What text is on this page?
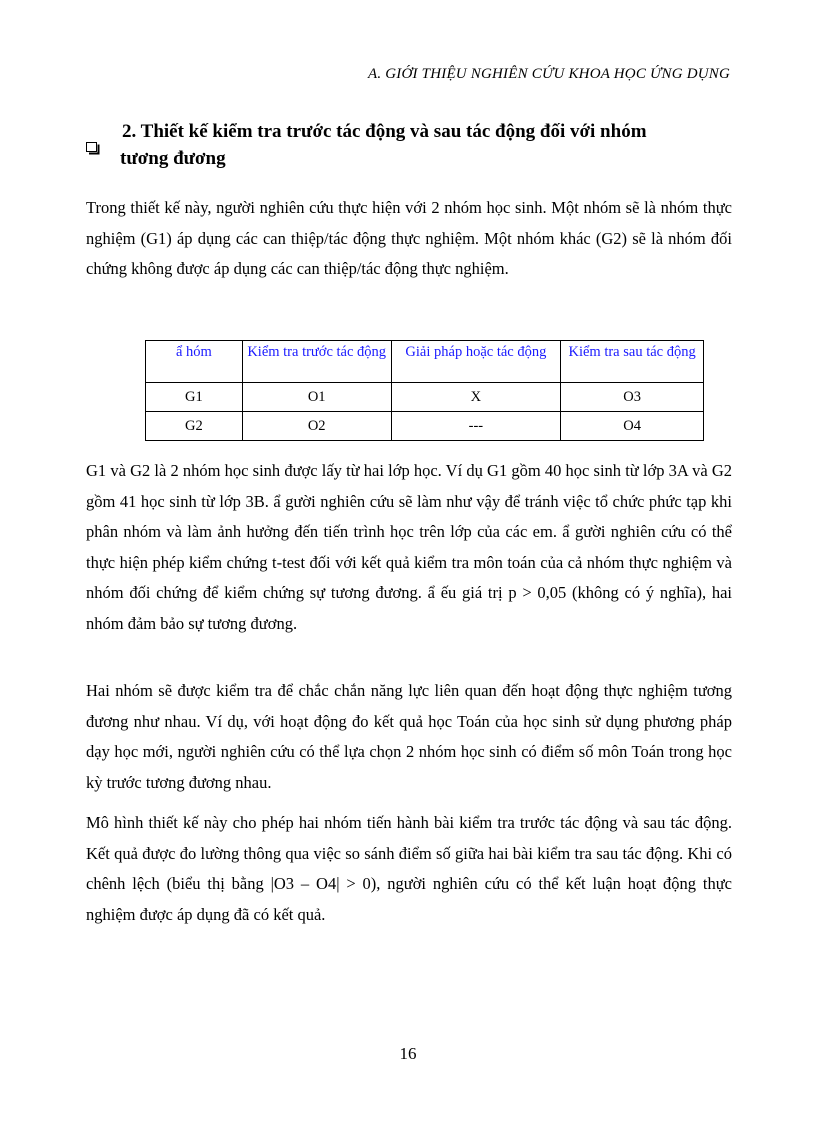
A. GIỚI THIỆU NGHIÊN CỨU KHOA HỌC ỨNG DỤNG
2. Thiết kế kiểm tra trước tác động và sau tác động đối với nhóm
tương đương

Trong thiết kế này, người nghiên cứu thực hiện với 2 nhóm học sinh. Một nhóm sẽ là nhóm thực nghiệm (G1) áp dụng các can thiệp/tác động thực nghiệm. Một nhóm khác (G2) sẽ là nhóm đối chứng không được áp dụng các can thiệp/tác động thực nghiệm.

ẩ hóm	Kiểm tra trước tác động	Giải pháp hoặc tác động	Kiểm tra sau tác động
G1	O1	X	O3
G2	O2	---	O4

G1 và G2 là 2 nhóm học sinh được lấy từ hai lớp học. Ví dụ G1 gồm 40 học sinh từ lớp 3A và G2 gồm 41 học sinh từ lớp 3B. ẩ gười nghiên cứu sẽ làm như vậy để tránh việc tổ chức phức tạp khi phân nhóm và làm ảnh hưởng đến tiến trình học trên lớp của các em. ẩ gười nghiên cứu có thể thực hiện phép kiểm chứng t-test đối với kết quả kiểm tra môn toán của cả nhóm thực nghiệm và nhóm đối chứng để kiểm chứng sự tương đương. ẩ ếu giá trị p > 0,05 (không có ý nghĩa), hai nhóm đảm bảo sự tương đương.

Hai nhóm sẽ được kiểm tra để chắc chắn năng lực liên quan đến hoạt động thực nghiệm tương đương như nhau. Ví dụ, với hoạt động đo kết quả học Toán của học sinh sử dụng phương pháp dạy học mới, người nghiên cứu có thể lựa chọn 2 nhóm học sinh có điểm số môn Toán trong học kỳ trước tương đương nhau.

Mô hình thiết kế này cho phép hai nhóm tiến hành bài kiểm tra trước tác động và sau tác động. Kết quả được đo lường thông qua việc so sánh điểm số giữa hai bài kiểm tra sau tác động. Khi có chênh lệch (biểu thị bằng |O3 – O4| > 0), người nghiên cứu có thể kết luận hoạt động thực nghiệm được áp dụng đã có kết quả.

16
